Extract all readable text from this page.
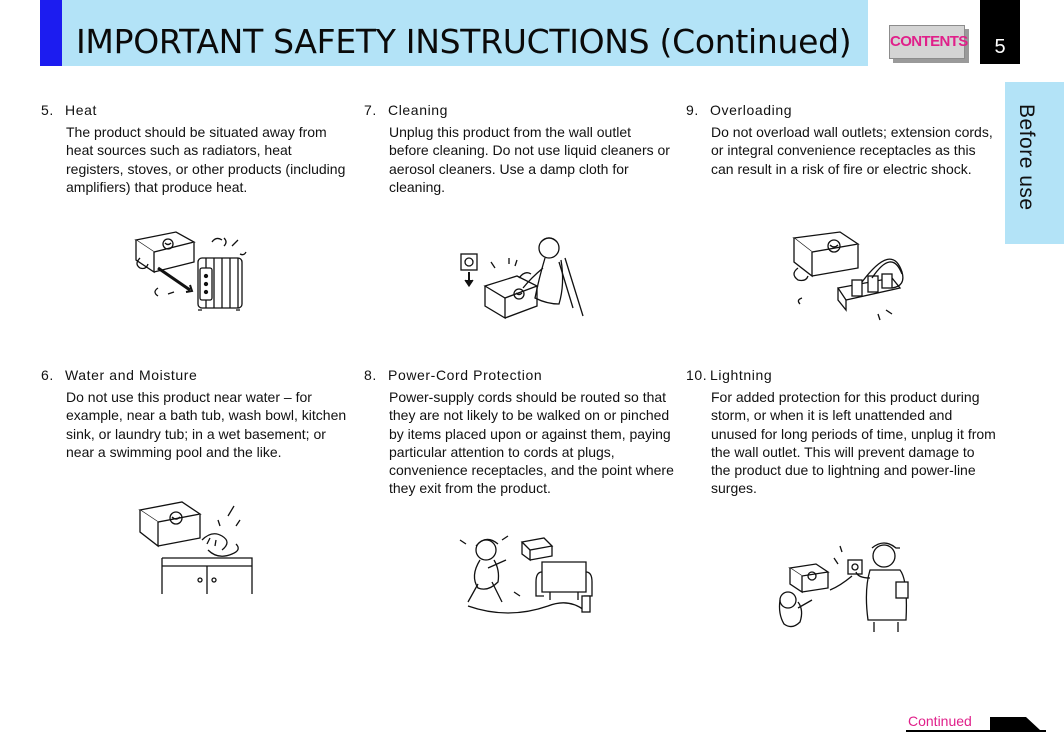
IMPORTANT SAFETY INSTRUCTIONS (Continued)	CONTENTS	5
Before use
5. Heat
The product should be situated away from heat sources such as radiators, heat registers, stoves, or other products (including amplifiers) that produce heat.
7. Cleaning
Unplug this product from the wall outlet before cleaning. Do not use liquid cleaners or aerosol cleaners. Use a damp cloth for cleaning.
9. Overloading
Do not overload wall outlets; extension cords, or integral convenience receptacles as this can result in a risk of fire or electric shock.
6. Water and Moisture
Do not use this product near water – for example, near a bath tub, wash bowl, kitchen sink, or laundry tub; in a wet basement; or near a swimming pool and the like.
8. Power-Cord Protection
Power-supply cords should be routed so that they are not likely to be walked on or pinched by items placed upon or against them, paying particular attention to cords at plugs, convenience receptacles, and the point where they exit from the product.
10. Lightning
For added protection for this product during storm, or when it is left unattended and unused for long periods of time, unplug it from the wall outlet. This will prevent damage to the product due to lightning and power-line surges.
Continued
